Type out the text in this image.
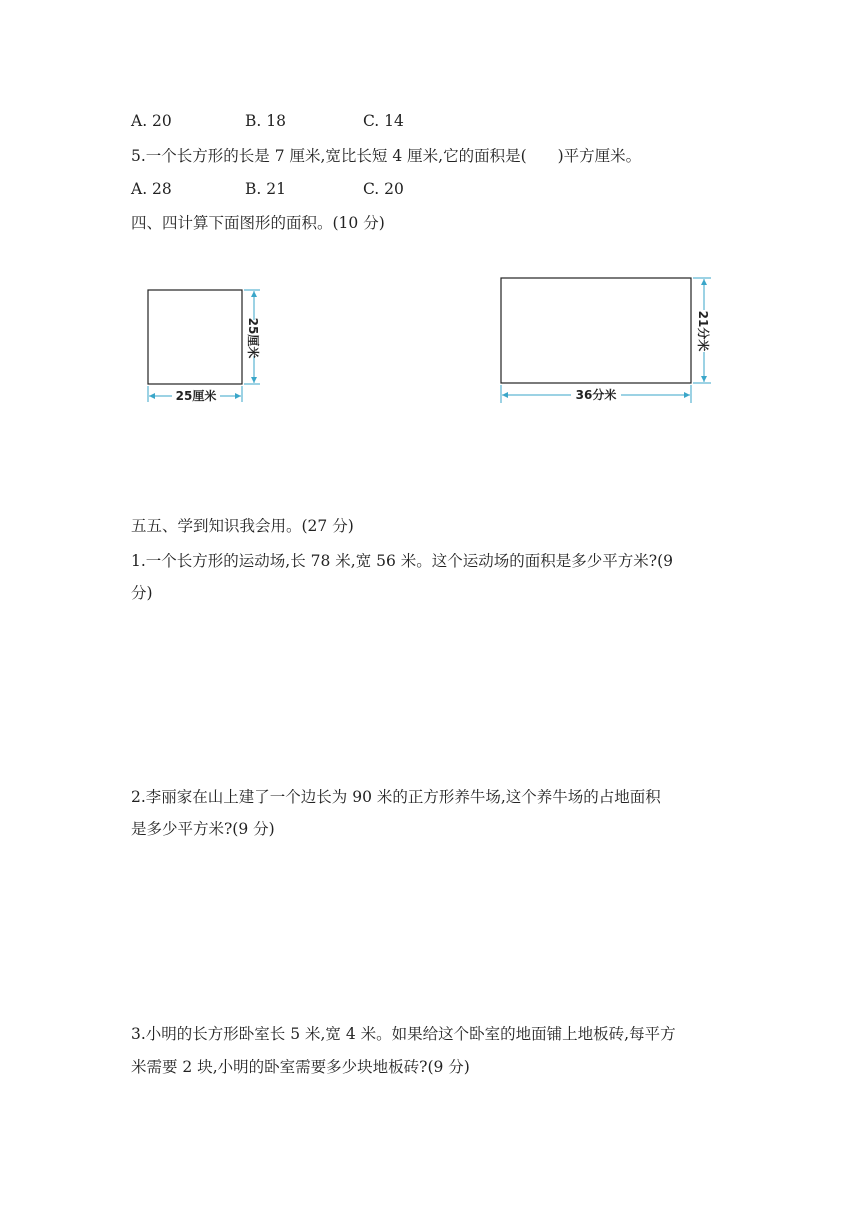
A. 20	B. 18	C. 14
5.一个长方形的长是 7 厘米,宽比长短 4 厘米,它的面积是(　　)平方厘米。
A. 28	B. 21	C. 20
四、四计算下面图形的面积。(10 分)
25厘米
25厘米
21分米
36分米
五五、学到知识我会用。(27 分)
1.一个长方形的运动场,长 78 米,宽 56 米。这个运动场的面积是多少平方米?(9
分)
2.李丽家在山上建了一个边长为 90 米的正方形养牛场,这个养牛场的占地面积
是多少平方米?(9 分)
3.小明的长方形卧室长 5 米,宽 4 米。如果给这个卧室的地面铺上地板砖,每平方
米需要 2 块,小明的卧室需要多少块地板砖?(9 分)
